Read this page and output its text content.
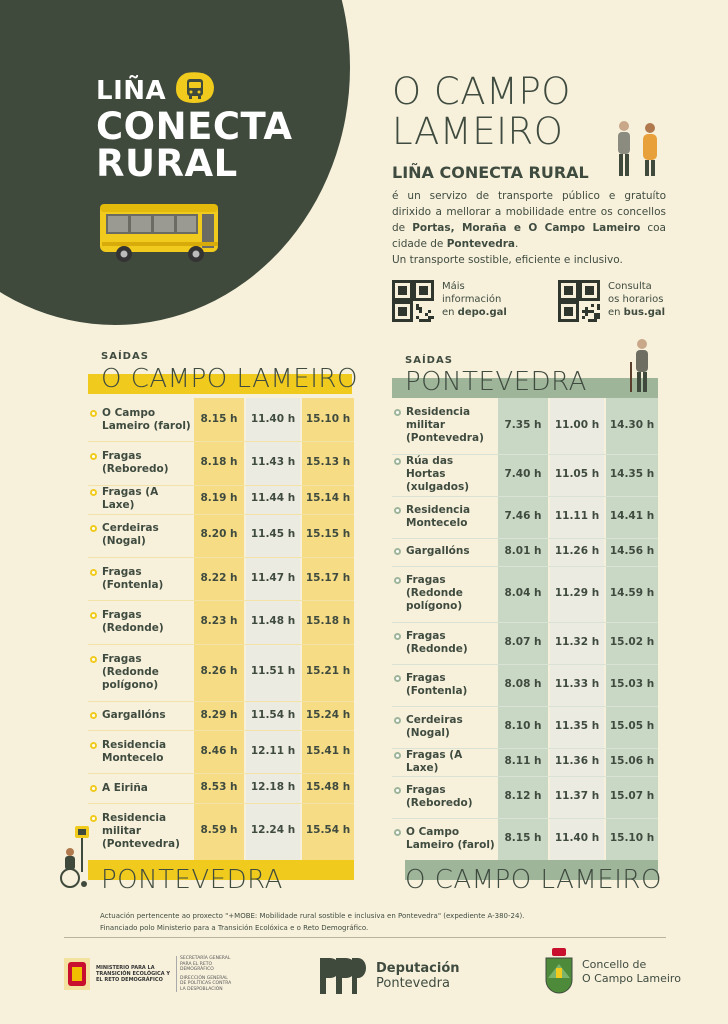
LIÑA
CONECTA
RURAL
O CAMPO
LAMEIRO
LIÑA CONECTA RURAL
é un servizo de transporte público e gratuíto dirixido a mellorar a mobilidade entre os concellos de Portas, Moraña e O Campo Lameiro coa cidade de Pontevedra.
Un transporte sostible, eficiente e inclusivo.
Máis
información
en depo.gal
Consulta
os horarios
en bus.gal
SAÍDAS
O CAMPO LAMEIRO
O Campo
Lameiro (farol)
8.15 h	11.40 h	15.10 h
Fragas
(Reboredo)
8.18 h	11.43 h	15.13 h
Fragas (A Laxe)
8.19 h	11.44 h	15.14 h
Cerdeiras
(Nogal)
8.20 h	11.45 h	15.15 h
Fragas
(Fontenla)
8.22 h	11.47 h	15.17 h
Fragas
(Redonde)
8.23 h	11.48 h	15.18 h
Fragas
(Redonde
polígono)
8.26 h	11.51 h	15.21 h
Gargallóns	8.29 h	11.54 h	15.24 h
Residencia
Montecelo
8.46 h	12.11 h	15.41 h
A Eiriña	8.53 h	12.18 h	15.48 h
Residencia
militar
(Pontevedra)
8.59 h	12.24 h	15.54 h
PONTEVEDRA
SAÍDAS
PONTEVEDRA
Residencia
militar
(Pontevedra)
7.35 h	11.00 h	14.30 h
Rúa das Hortas
(xulgados)
7.40 h	11.05 h	14.35 h
Residencia
Montecelo
7.46 h	11.11 h	14.41 h
Gargallóns	8.01 h	11.26 h	14.56 h
Fragas
(Redonde
polígono)
8.04 h	11.29 h	14.59 h
Fragas
(Redonde)
8.07 h	11.32 h	15.02 h
Fragas
(Fontenla)
8.08 h	11.33 h	15.03 h
Cerdeiras
(Nogal)
8.10 h	11.35 h	15.05 h
Fragas (A Laxe)
8.11 h	11.36 h	15.06 h
Fragas
(Reboredo)
8.12 h	11.37 h	15.07 h
O Campo
Lameiro (farol)
8.15 h	11.40 h	15.10 h
O CAMPO LAMEIRO
Actuación pertencente ao proxecto "+MOBE: Mobilidade rural sostible e inclusiva en Pontevedra" (expediente A-380-24).
Financiado polo Ministerio para a Transición Ecolóxica e o Reto Demográfico.
MINISTERIO PARA LA TRANSICIÓN ECOLÓGICA Y EL RETO DEMOGRÁFICO
SECRETARÍA GENERAL PARA EL RETO DEMOGRÁFICO
DIRECCIÓN GENERAL DE POLÍTICAS CONTRA LA DESPOBLACIÓN
Deputación
Pontevedra
Concello de
O Campo Lameiro
